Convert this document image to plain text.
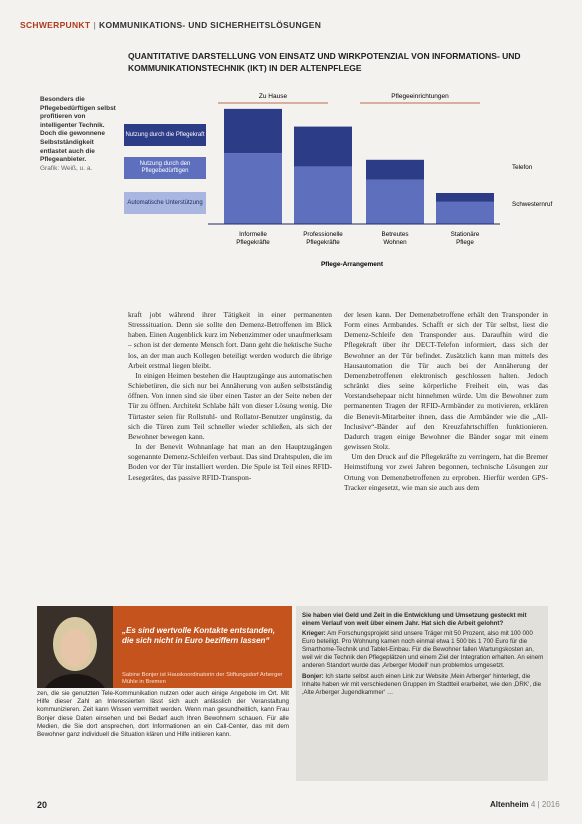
SCHWERPUNKT | KOMMUNIKATIONS- UND SICHERHEITSLÖSUNGEN
QUANTITATIVE DARSTELLUNG VON EINSATZ UND WIRKPOTENZIAL VON INFORMATIONS- UND KOMMUNIKATIONSTECHNIK (IKT) IN DER ALTENPFLEGE
Besonders die Pflegebedürftigen selbst profitieren von intelligenter Technik. Doch die gewonnene Selbstständigkeit entlastet auch die Pflegeanbieter.
Grafik: Weiß, u. a.
Nutzung durch die Pflegekraft
Nutzung durch den Pflegebedürftigen
Automatische Unterstützung
Zu Hause	Pflegeeinrichtungen
Telefon
Schwesternruf
Pflege-Arrangement
Informelle
Pflegekräfte
Professionelle
Pflegekräfte
Betreutes
Wohnen
Stationäre
Pflege
kraft jobt während ihrer Tätigkeit in einer permanenten Stresssituation. Denn sie sollte den Demenz-Betroffenen im Blick haben. Einen Augenblick kurz im Nebenzimmer oder unaufmerksam – schon ist der demente Mensch fort. Dann geht die hektische Suche los, an der man auch Kollegen beteiligt werden wodurch die übrige Arbeit erstmal liegen bleibt.
 In einigen Heimen bestehen die Hauptzugänge aus automatischen Schiebetüren, die sich nur bei Annäherung von außen selbstständig öffnen. Von innen sind sie über einen Taster an der Seite neben der Tür zu öffnen. Architekt Schlabe hält von dieser Lösung wenig. Die Türtaster seien für Rollstuhl- und Rollator-Benutzer ungünstig, da sich die Türen zum Teil schneller wieder schließen, als sich der Bewohner bewegen kann.
 In der Benevit Wohnanlage hat man an den Hauptzugängen sogenannte Demenz-Schleifen verbaut. Das sind Drahtspulen, die im Boden vor der Tür installiert werden. Die Spule ist Teil eines RFID-Lesegerätes, das passive RFID-Transpon-
der lesen kann. Der Demenzbetroffene erhält den Transponder in Form eines Armbandes. Schafft er sich der Tür selbst, liest die Demenz-Schleife den Transponder aus. Daraufhin wird die Pflegekraft über ihr DECT-Telefon informiert, dass sich der Bewohner an der Tür befindet. Zusätzlich kann man mittels des Hausautomation die Tür auch bei der Annäherung der Demenzbetroffenen elektronisch geschlossen halten. Jedoch schränkt dies seine körperliche Freiheit ein, was das Vorstandsehepaar nicht hinnehmen würde. Um die Bewohner zum permanenten Tragen der RFID-Armbänder zu motivieren, erklären die Benevit-Mitarbeiter ihnen, dass die Armbänder wie die „All-Inclusive“-Bänder auf den Kreuzfahrtschiffen funktionieren. Dadurch tragen einige Bewohner die Bänder sogar mit einem gewissen Stolz.
 Um den Druck auf die Pflegekräfte zu verringern, hat die Bremer Heimstiftung vor zwei Jahren begonnen, technische Lösungen zur Ortung von Demenzbetroffenen zu erproben. Hierfür werden GPS-Tracker eingesetzt, wie man sie auch aus dem
„Es sind wertvolle Kontakte entstanden, die sich nicht in Euro beziffern lassen“
Sabine Bonjer ist Hauskoordinatorin der Stiftungsdorf Arberger Mühle in Bremen
zen, die sie genutzten Tele-Kommunikation nutzen oder auch einige Angebote im Ort. Mit Hilfe dieser Zahl an Interessierten lässt sich auch anlässlich der Veranstaltung kommunizieren. Zeit kann Wissen vermittelt werden. Wenn man gesundheitlich, kann Frau Bonjer diese Daten einsehen und bei Bedarf auch Ihren Bewohnern schauen. Für alle Medien, die Sie dort ansprechen, dort Informationen an ein Call-Center, das mit dem Bewohner ganz individuell die Situation klären und Hilfe initiieren kann.
Sie haben viel Geld und Zeit in die Entwicklung und Umsetzung gesteckt mit einem Verlauf von weit über einem Jahr. Hat sich die Arbeit gelohnt?
Krieger: Am Forschungsprojekt sind unsere Träger mit 50 Prozent, also mit 100 000 Euro beteiligt. Pro Wohnung kamen noch einmal etwa 1 500 bis 1 700 Euro für die Smarthome-Technik und Tablet-Einbau. Für die Bewohner fallen Wartungskosten an, weil wir die Technik den Pflegeplätzen und einem Ziel der Integration erhalten. An einem anderen Standort wurde das ‚Arberger Modell‘ nun problemlos umgesetzt.
Bonjer: Ich starte selbst auch einen Link zur Website ‚Mein Arberger‘ hinterlegt, die Inhalte haben wir mit verschiedenen Gruppen im Stadtteil erarbeitet, wie den ‚DRK‘, die ‚Alte Arberger Jugendkammer‘ …
20	Altenheim 4 | 2016
